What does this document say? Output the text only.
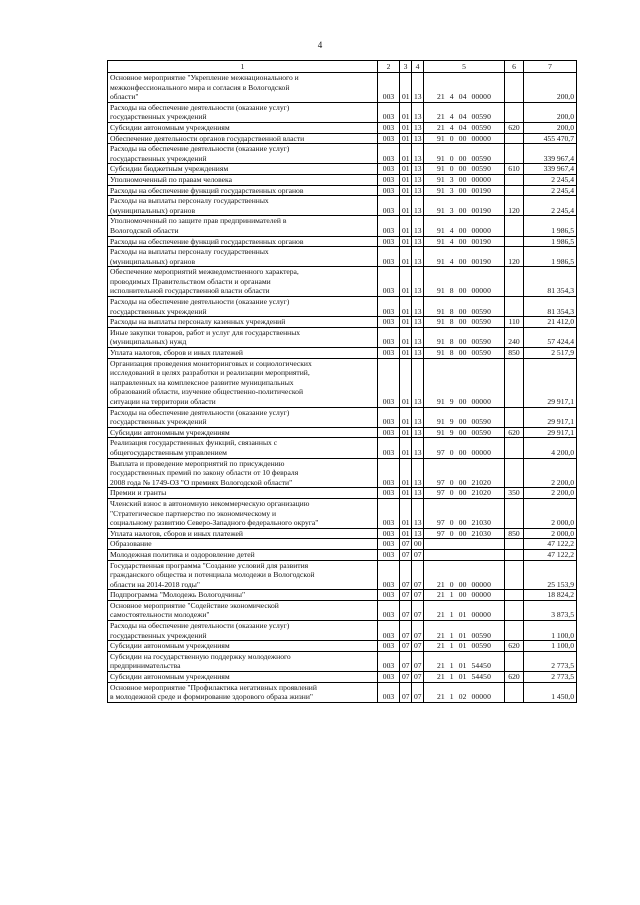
4
1	2	3	4	5	6	7

Основное мероприятие "Укрепление межнационального и
межконфессионального мира и согласия в Вологодской
области"	003	01	13	21 4 04 00000		200,0

Расходы на обеспечение деятельности (оказание услуг)
государственных учреждений	003	01	13	21 4 04 00590		200,0

Субсидии автономным учреждениям	003	01	13	21 4 04 00590	620	200,0

Обеспечение деятельности органов государственной власти	003	01	13	91 0 00 00000		455 470,7

Расходы на обеспечение деятельности (оказание услуг)
государственных учреждений	003	01	13	91 0 00 00590		339 967,4

Субсидии бюджетным учреждениям	003	01	13	91 0 00 00590	610	339 967,4

Уполномоченный по правам человека	003	01	13	91 3 00 00000		2 245,4

Расходы на обеспечение функций государственных органов	003	01	13	91 3 00 00190		2 245,4

Расходы на выплаты персоналу государственных
(муниципальных) органов	003	01	13	91 3 00 00190	120	2 245,4

Уполномоченный по защите прав предпринимателей в
Вологодской области	003	01	13	91 4 00 00000		1 986,5

Расходы на обеспечение функций государственных органов	003	01	13	91 4 00 00190		1 986,5

Расходы на выплаты персоналу государственных
(муниципальных) органов	003	01	13	91 4 00 00190	120	1 986,5

Обеспечение мероприятий межведомственного характера,
проводимых Правительством области и органами
исполнительной государственной власти области	003	01	13	91 8 00 00000		81 354,3

Расходы на обеспечение деятельности (оказание услуг)
государственных учреждений	003	01	13	91 8 00 00590		81 354,3

Расходы на выплаты персоналу казенных учреждений	003	01	13	91 8 00 00590	110	21 412,0

Иные закупки товаров, работ и услуг для государственных
(муниципальных) нужд	003	01	13	91 8 00 00590	240	57 424,4

Уплата налогов, сборов и иных платежей	003	01	13	91 8 00 00590	850	2 517,9

Организация проведения мониторинговых и социологических
исследований в целях разработки и реализации мероприятий,
направленных на комплексное развитие муниципальных
образований области, изучение общественно-политической
ситуации на территории области	003	01	13	91 9 00 00000		29 917,1

Расходы на обеспечение деятельности (оказание услуг)
государственных учреждений	003	01	13	91 9 00 00590		29 917,1

Субсидии автономным учреждениям	003	01	13	91 9 00 00590	620	29 917,1

Реализация государственных функций, связанных с
общегосударственным управлением	003	01	13	97 0 00 00000		4 200,0

Выплата и проведение мероприятий по присуждению
государственных премий по закону области от 10 февраля
2008 года № 1749-ОЗ "О премиях Вологодской области"	003	01	13	97 0 00 21020		2 200,0

Премии и гранты	003	01	13	97 0 00 21020	350	2 200,0

Членский взнос в автономную некоммерческую организацию
"Стратегическое партнерство по экономическому и
социальному развитию Северо-Западного федерального округа"	003	01	13	97 0 00 21030		2 000,0

Уплата налогов, сборов и иных платежей	003	01	13	97 0 00 21030	850	2 000,0

Образование	003	07	00			47 122,2

Молодежная политика и оздоровление детей	003	07	07			47 122,2

Государственная программа "Создание условий для развития
гражданского общества и потенциала молодежи в Вологодской
области на 2014-2018 годы"	003	07	07	21 0 00 00000		25 153,9

Подпрограмма "Молодежь Вологодчины"	003	07	07	21 1 00 00000		18 824,2

Основное мероприятие "Содействие экономической
самостоятельности молодежи"	003	07	07	21 1 01 00000		3 873,5

Расходы на обеспечение деятельности (оказание услуг)
государственных учреждений	003	07	07	21 1 01 00590		1 100,0

Субсидии автономным учреждениям	003	07	07	21 1 01 00590	620	1 100,0

Субсидии на государственную поддержку молодежного
предпринимательства	003	07	07	21 1 01 54450		2 773,5

Субсидии автономным учреждениям	003	07	07	21 1 01 54450	620	2 773,5

Основное мероприятие "Профилактика негативных проявлений
в молодежной среде и формирование здорового образа жизни"	003	07	07	21 1 02 00000		1 450,0
